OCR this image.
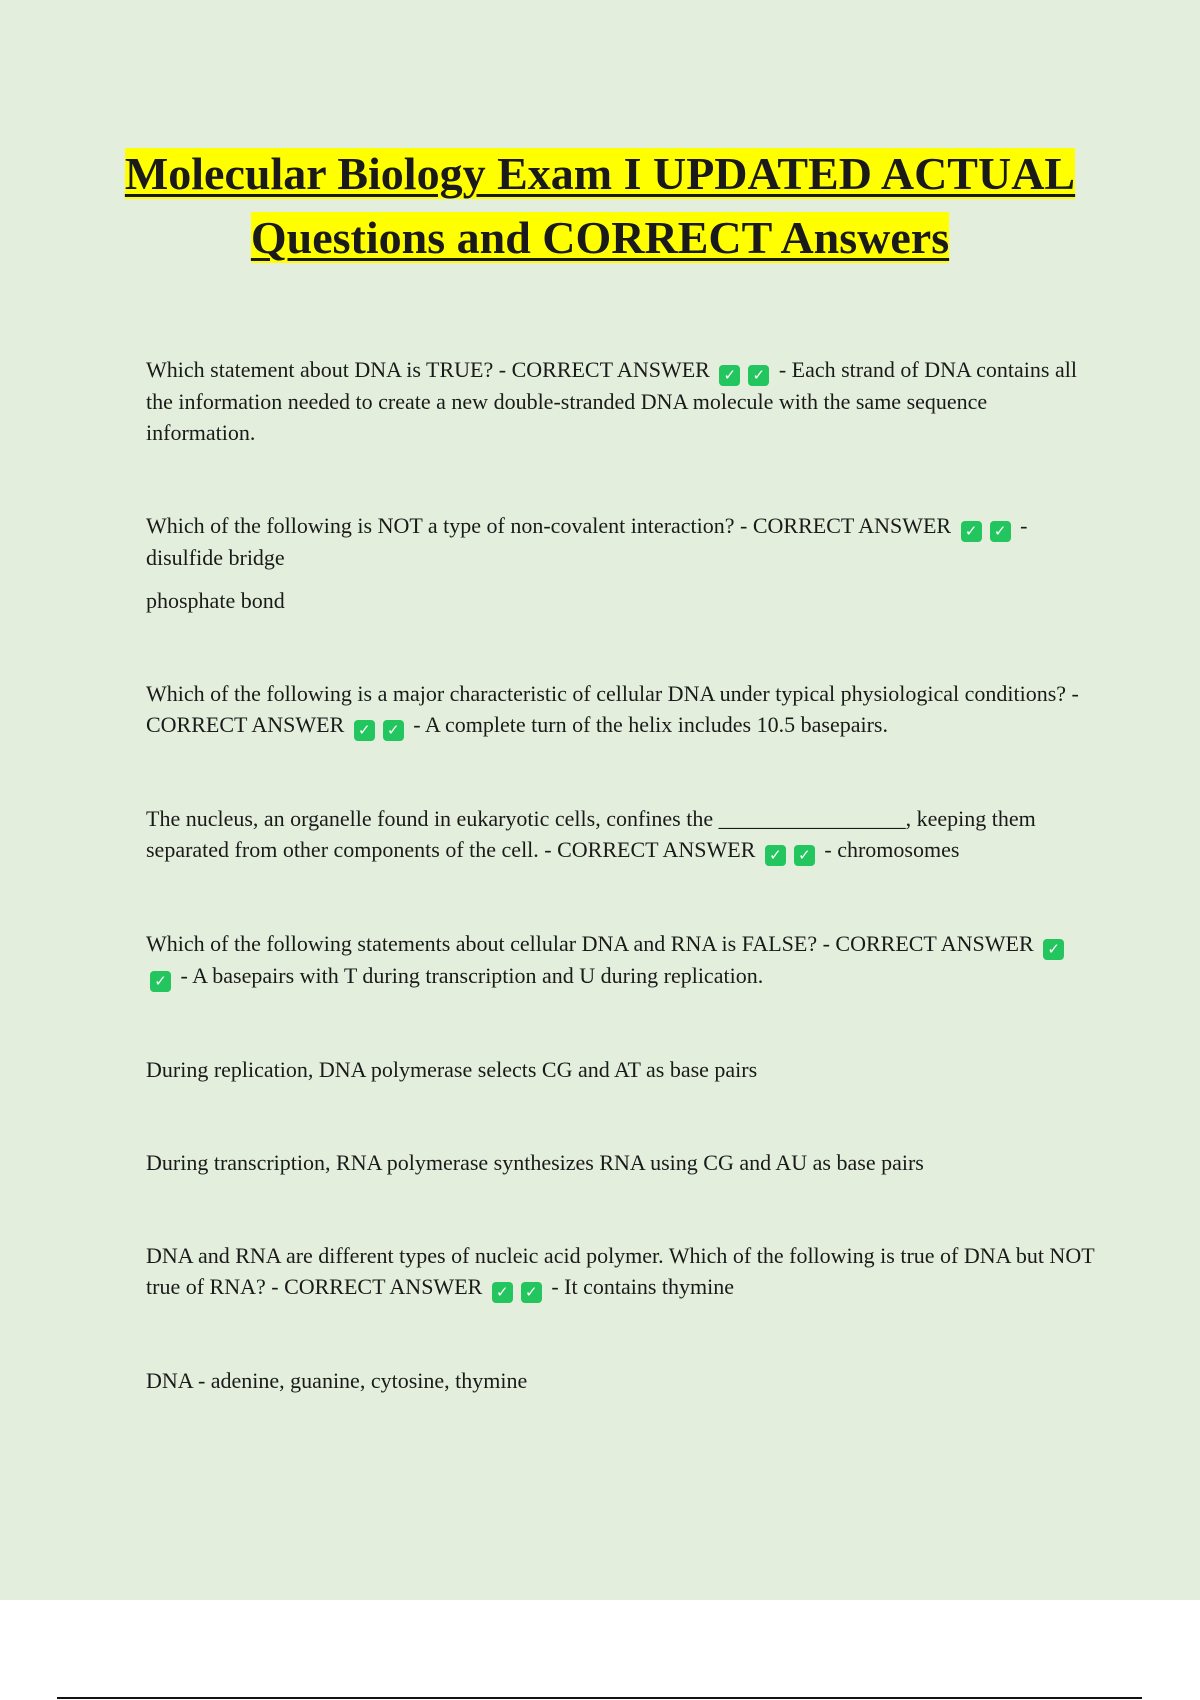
Molecular Biology Exam I UPDATED ACTUAL Questions and CORRECT Answers

Which statement about DNA is TRUE? - CORRECT ANSWER ✓ ✓ - Each strand of DNA contains all the information needed to create a new double-stranded DNA molecule with the same sequence information.

Which of the following is NOT a type of non-covalent interaction? - CORRECT ANSWER ✓ ✓ - disulfide bridge

phosphate bond

Which of the following is a major characteristic of cellular DNA under typical physiological conditions? - CORRECT ANSWER ✓ ✓ - A complete turn of the helix includes 10.5 basepairs.

The nucleus, an organelle found in eukaryotic cells, confines the _________________, keeping them separated from other components of the cell. - CORRECT ANSWER ✓ ✓ - chromosomes

Which of the following statements about cellular DNA and RNA is FALSE? - CORRECT ANSWER ✓✓ - A basepairs with T during transcription and U during replication.

During replication, DNA polymerase selects CG and AT as base pairs

During transcription, RNA polymerase synthesizes RNA using CG and AU as base pairs

DNA and RNA are different types of nucleic acid polymer. Which of the following is true of DNA but NOT true of RNA? - CORRECT ANSWER ✓ ✓ - It contains thymine

DNA - adenine, guanine, cytosine, thymine
